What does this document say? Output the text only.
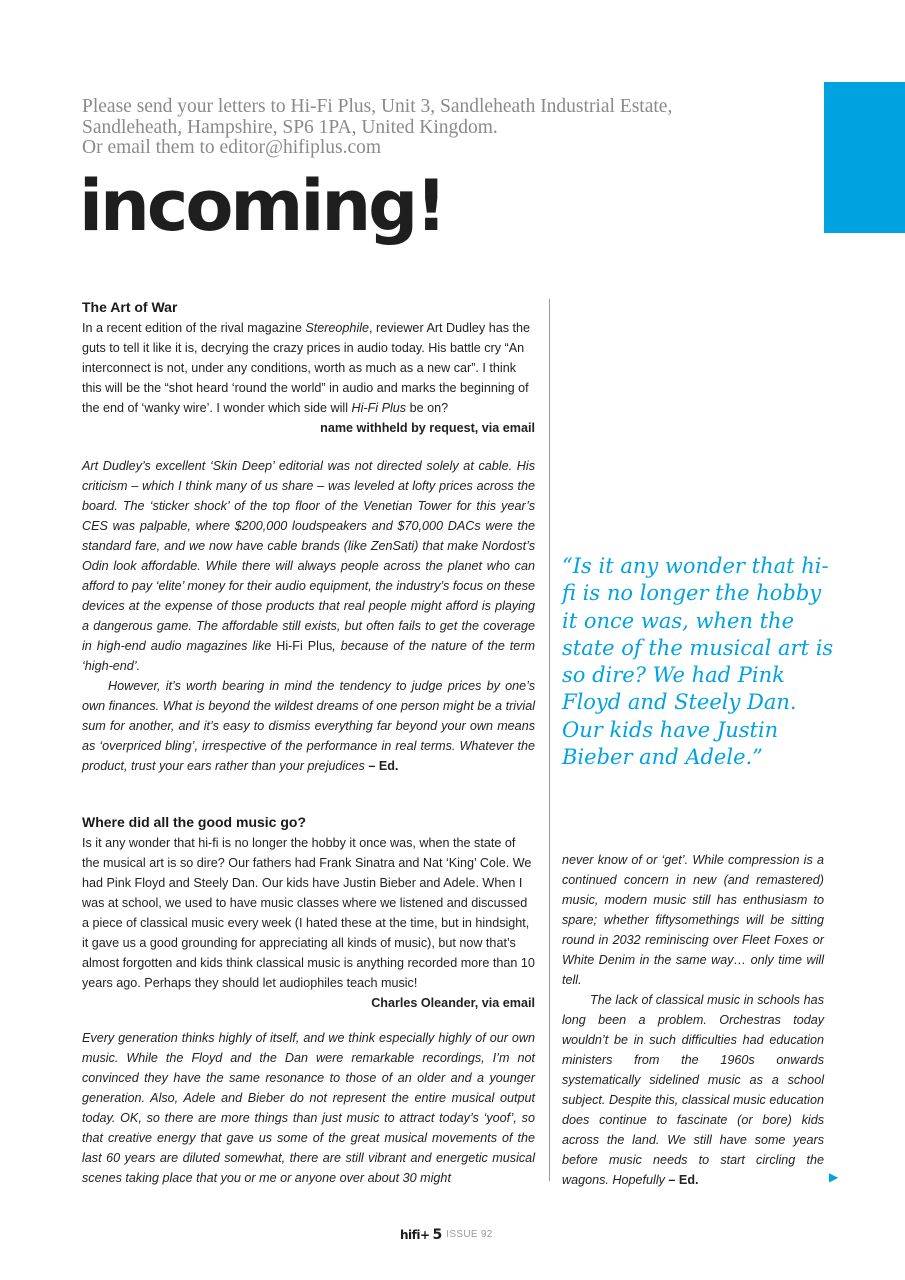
Please send your letters to Hi-Fi Plus, Unit 3, Sandleheath Industrial Estate,
Sandleheath, Hampshire, SP6 1PA, United Kingdom.
Or email them to editor@hifiplus.com
incoming!
The Art of War

In a recent edition of the rival magazine Stereophile, reviewer Art Dudley has the guts to tell it like it is, decrying the crazy prices in audio today. His battle cry “An interconnect is not, under any conditions, worth as much as a new car”. I think this will be the “shot heard ‘round the world” in audio and marks the beginning of the end of ‘wanky wire’. I wonder which side will Hi-Fi Plus be on?

name withheld by request, via email

Art Dudley’s excellent ‘Skin Deep’ editorial was not directed solely at cable. His criticism – which I think many of us share – was leveled at lofty prices across the board. The ‘sticker shock’ of the top floor of the Venetian Tower for this year’s CES was palpable, where $200,000 loudspeakers and $70,000 DACs were the standard fare, and we now have cable brands (like ZenSati) that make Nordost’s Odin look affordable. While there will always people across the planet who can afford to pay ‘elite’ money for their audio equipment, the industry’s focus on these devices at the expense of those products that real people might afford is playing a dangerous game. The affordable still exists, but often fails to get the coverage in high-end audio magazines like Hi-Fi Plus, because of the nature of the term ‘high-end’.

However, it’s worth bearing in mind the tendency to judge prices by one’s own finances. What is beyond the wildest dreams of one person might be a trivial sum for another, and it’s easy to dismiss everything far beyond your own means as ‘overpriced bling’, irrespective of the performance in real terms. Whatever the product, trust your ears rather than your prejudices – Ed.

“Is it any wonder that hi-fi is no longer the hobby it once was, when the state of the musical art is so dire? We had Pink Floyd and Steely Dan. Our kids have Justin Bieber and Adele.”
Where did all the good music go?

Is it any wonder that hi-fi is no longer the hobby it once was, when the state of the musical art is so dire? Our fathers had Frank Sinatra and Nat ‘King’ Cole. We had Pink Floyd and Steely Dan. Our kids have Justin Bieber and Adele. When I was at school, we used to have music classes where we listened and discussed a piece of classical music every week (I hated these at the time, but in hindsight, it gave us a good grounding for appreciating all kinds of music), but now that’s almost forgotten and kids think classical music is anything recorded more than 10 years ago. Perhaps they should let audiophiles teach music!

Charles Oleander, via email

Every generation thinks highly of itself, and we think especially highly of our own music. While the Floyd and the Dan were remarkable recordings, I’m not convinced they have the same resonance to those of an older and a younger generation. Also, Adele and Bieber do not represent the entire musical output today. OK, so there are more things than just music to attract today’s ‘yoof’, so that creative energy that gave us some of the great musical movements of the last 60 years are diluted somewhat, there are still vibrant and energetic musical scenes taking place that you or me or anyone over about 30 might

never know of or ‘get’. While compression is a continued concern in new (and remastered) music, modern music still has enthusiasm to spare; whether fiftysomethings will be sitting round in 2032 reminiscing over Fleet Foxes or White Denim in the same way… only time will tell.

The lack of classical music in schools has long been a problem. Orchestras today wouldn’t be in such difficulties had education ministers from the 1960s onwards systematically sidelined music as a school subject. Despite this, classical music education does continue to fascinate (or bore) kids across the land. We still have some years before music needs to start circling the wagons. Hopefully – Ed.	▶
hifi+ 5 ISSUE 92
